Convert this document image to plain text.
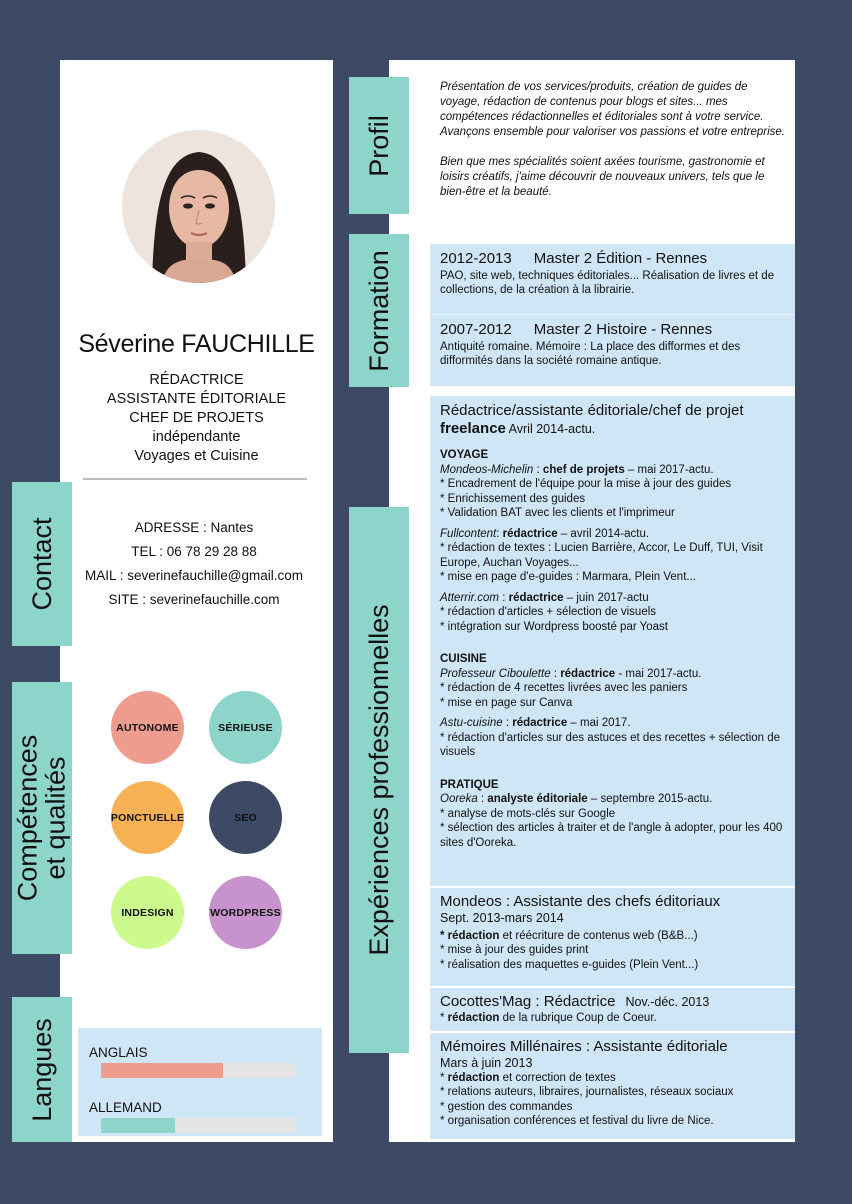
Profil
Formation
Expériences professionnelles
Contact
Compétences
et qualités
Langues
Séverine FAUCHILLE
RÉDACTRICE
ASSISTANTE ÉDITORIALE
CHEF DE PROJETS
indépendante
Voyages et Cuisine
ADRESSE : Nantes
TEL : 06 78 29 28 88
MAIL : severinefauchille@gmail.com
SITE : severinefauchille.com
AUTONOME	SÉRIEUSE
PONCTUELLE	SEO
INDESIGN	WORDPRESS
ANGLAIS
ALLEMAND

Présentation de vos services/produits, création de guides de voyage, rédaction de contenus pour blogs et sites... mes compétences rédactionnelles et éditoriales sont à votre service. Avançons ensemble pour valoriser vos passions et votre entreprise.

Bien que mes spécialités soient axées tourisme, gastronomie et loisirs créatifs, j'aime découvrir de nouveaux univers, tels que le bien-être et la beauté.

2012-2013 Master 2 Édition - Rennes
PAO, site web, techniques éditoriales... Réalisation de livres et de collections, de la création à la librairie.
2007-2012 Master 2 Histoire - Rennes
Antiquité romaine. Mémoire : La place des difformes et des difformités dans la société romaine antique.
Rédactrice/assistante éditoriale/chef de projet freelance Avril 2014-actu.
VOYAGE
Mondeos-Michelin : chef de projets – mai 2017-actu.
* Encadrement de l'équipe pour la mise à jour des guides
* Enrichissement des guides
* Validation BAT avec les clients et l'imprimeur
Fullcontent: rédactrice – avril 2014-actu.
* rédaction de textes : Lucien Barrière, Accor, Le Duff, TUI, Visit Europe, Auchan Voyages...
* mise en page d'e-guides : Marmara, Plein Vent...
Atterrir.com : rédactrice – juin 2017-actu
* rédaction d'articles + sélection de visuels
* intégration sur Wordpress boosté par Yoast
CUISINE
Professeur Ciboulette : rédactrice - mai 2017-actu.
* rédaction de 4 recettes livrées avec les paniers
* mise en page sur Canva
Astu-cuisine : rédactrice – mai 2017.
* rédaction d'articles sur des astuces et des recettes + sélection de visuels
PRATIQUE
Ooreka : analyste éditoriale – septembre 2015-actu.
* analyse de mots-clés sur Google
* sélection des articles à traiter et de l'angle à adopter, pour les 400 sites d'Ooreka.
Mondeos : Assistante des chefs éditoriaux
Sept. 2013-mars 2014
* rédaction et réécriture de contenus web (B&B...)
* mise à jour des guides print
* réalisation des maquettes e-guides (Plein Vent...)
Cocottes'Mag : Rédactrice Nov.-déc. 2013
* rédaction de la rubrique Coup de Coeur.
Mémoires Millénaires : Assistante éditoriale
Mars à juin 2013
* rédaction et correction de textes
* relations auteurs, libraires, journalistes, réseaux sociaux
* gestion des commandes
* organisation conférences et festival du livre de Nice.
